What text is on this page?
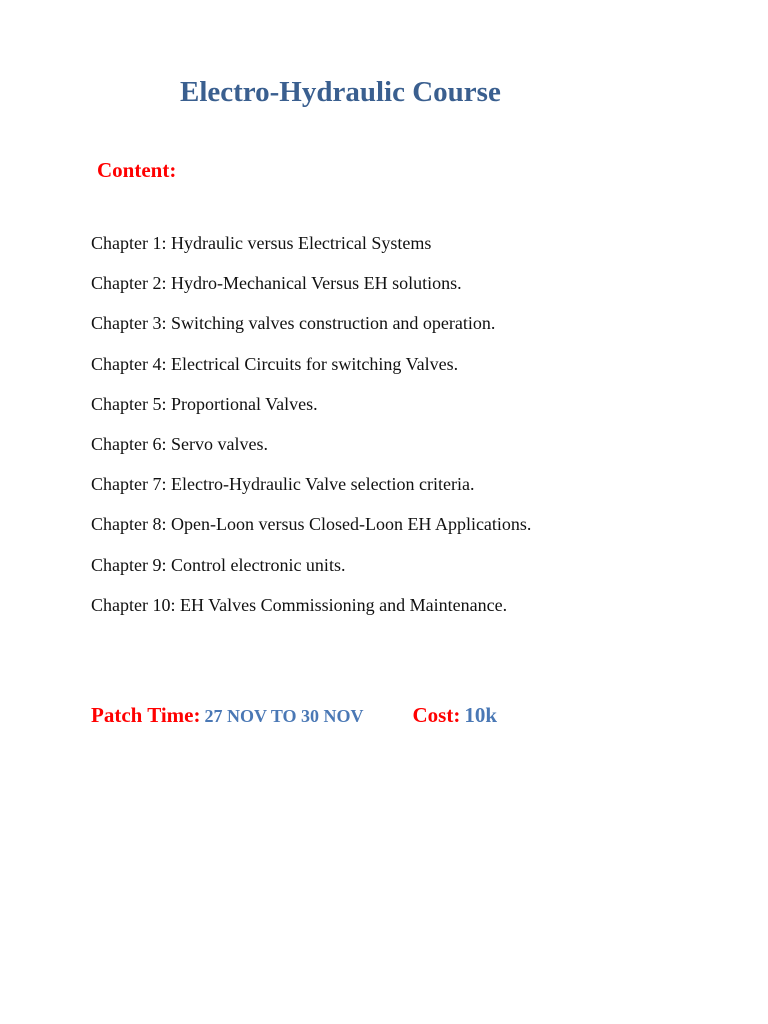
Electro-Hydraulic Course
Content:
Chapter 1: Hydraulic versus Electrical Systems
Chapter 2: Hydro-Mechanical Versus EH solutions.
Chapter 3: Switching valves construction and operation.
Chapter 4: Electrical Circuits for switching Valves.
Chapter 5: Proportional Valves.
Chapter 6: Servo valves.
Chapter 7: Electro-Hydraulic Valve selection criteria.
Chapter 8: Open-Loon versus Closed-Loon EH Applications.
Chapter 9: Control electronic units.
Chapter 10: EH Valves Commissioning and Maintenance.
Patch Time: 27 NOV TO 30 NOV Cost: 10k
